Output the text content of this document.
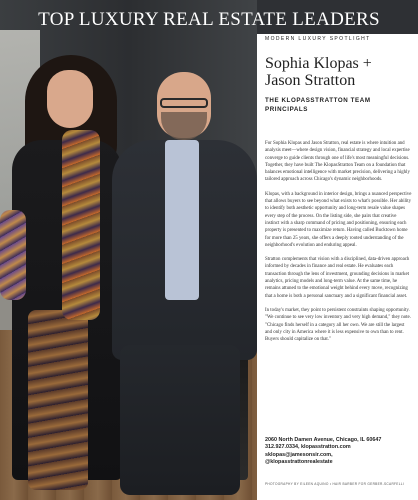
TOP LUXURY REAL ESTATE LEADERS
MODERN LUXURY SPOTLIGHT
Sophia Klopas +
Jason Stratton
THE KLOPASSTRATTON TEAM
PRINCIPALS

For Sophia Klopas and Jason Stratton, real estate is where intuition and analysis meet—where design vision, financial strategy and local expertise converge to guide clients through one of life's most meaningful decisions. Together, they have built The KlopasStratton Team on a foundation that balances emotional intelligence with market precision, delivering a highly tailored approach across Chicago's dynamic neighborhoods.

Klopas, with a background in interior design, brings a nuanced perspective that allows buyers to see beyond what exists to what's possible. Her ability to identify both aesthetic opportunity and long-term resale value shapes every step of the process. On the listing side, she pairs that creative instinct with a sharp command of pricing and positioning, ensuring each property is presented to maximize return. Having called Bucktown home for more than 25 years, she offers a deeply rooted understanding of the neighborhood's evolution and enduring appeal.

Stratton complements that vision with a disciplined, data-driven approach informed by decades in finance and real estate. He evaluates each transaction through the lens of investment, grounding decisions in market analytics, pricing models and long-term value. At the same time, he remains attuned to the emotional weight behind every move, recognizing that a home is both a personal sanctuary and a significant financial asset.

In today's market, they point to persistent constraints shaping opportunity. "We continue to see very low inventory and very high demand," they note. "Chicago finds herself in a category all her own. We are still the largest and only city in America where it is less expensive to own than to rent. Buyers should capitalize on that."

2060 North Damen Avenue, Chicago, IL 60647
312.927.0334, klopasstratton.com
sklopas@jamesonsir.com,
@klopasstrattonrealestate
PHOTOGRAPHY BY EILEEN AQUINO • HAIR BARBER FOR GERBER-SCARFELLI
